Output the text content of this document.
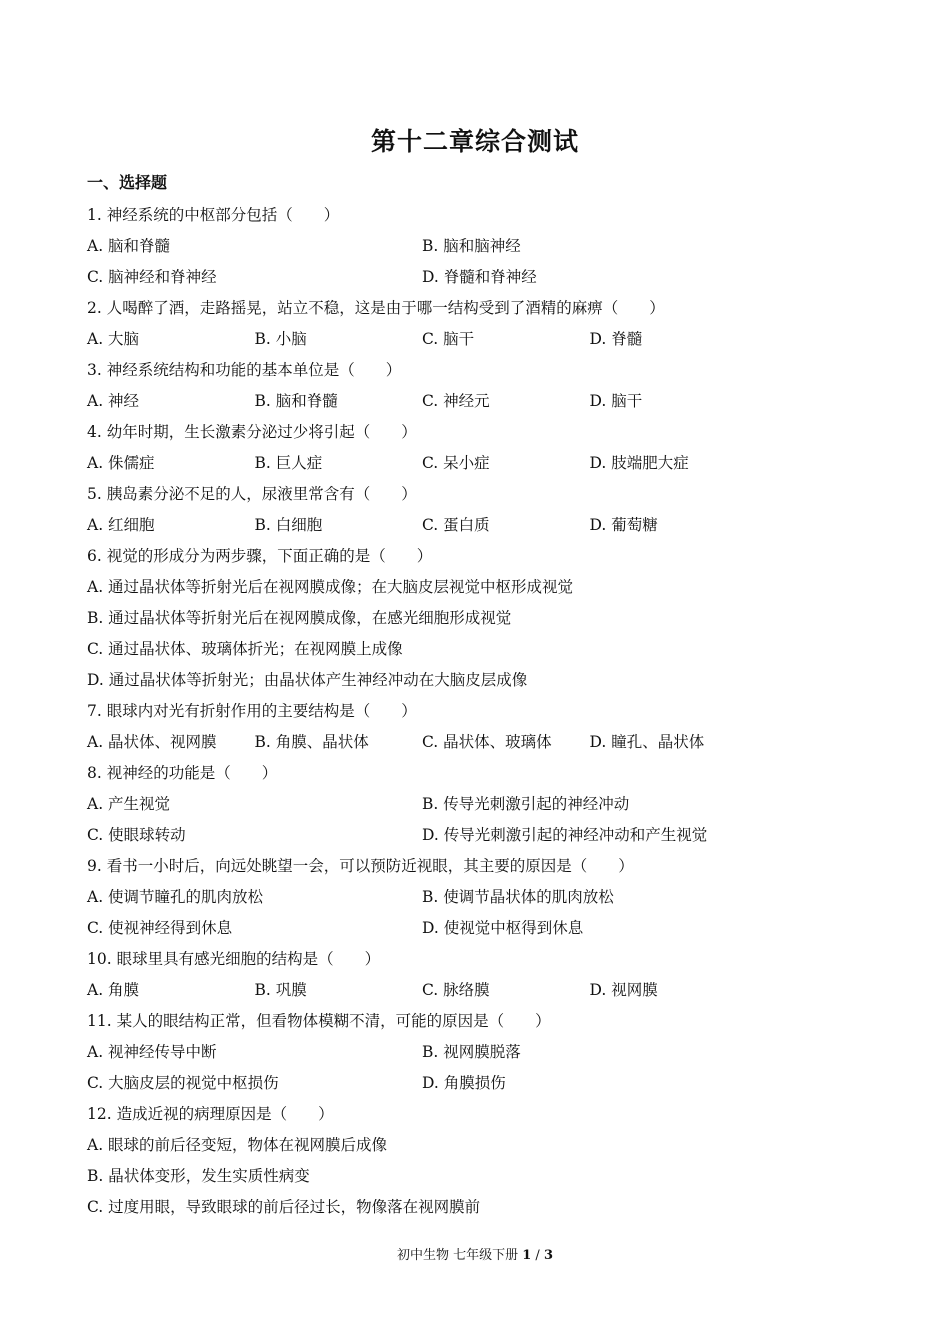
第十二章综合测试
一、选择题
1. 神经系统的中枢部分包括（　　）
A. 脑和脊髓	B. 脑和脑神经
C. 脑神经和脊神经	D. 脊髓和脊神经
2. 人喝醉了酒，走路摇晃，站立不稳，这是由于哪一结构受到了酒精的麻痹（　　）
A. 大脑	B. 小脑	C. 脑干	D. 脊髓
3. 神经系统结构和功能的基本单位是（　　）
A. 神经	B. 脑和脊髓	C. 神经元	D. 脑干
4. 幼年时期，生长激素分泌过少将引起（　　）
A. 侏儒症	B. 巨人症	C. 呆小症	D. 肢端肥大症
5. 胰岛素分泌不足的人，尿液里常含有（　　）
A. 红细胞	B. 白细胞	C. 蛋白质	D. 葡萄糖
6. 视觉的形成分为两步骤，下面正确的是（　　）
A. 通过晶状体等折射光后在视网膜成像；在大脑皮层视觉中枢形成视觉
B. 通过晶状体等折射光后在视网膜成像，在感光细胞形成视觉
C. 通过晶状体、玻璃体折光；在视网膜上成像
D. 通过晶状体等折射光；由晶状体产生神经冲动在大脑皮层成像
7. 眼球内对光有折射作用的主要结构是（　　）
A. 晶状体、视网膜	B. 角膜、晶状体	C. 晶状体、玻璃体	D. 瞳孔、晶状体
8. 视神经的功能是（　　）
A. 产生视觉	B. 传导光刺激引起的神经冲动
C. 使眼球转动	D. 传导光刺激引起的神经冲动和产生视觉
9. 看书一小时后，向远处眺望一会，可以预防近视眼，其主要的原因是（　　）
A. 使调节瞳孔的肌肉放松	B. 使调节晶状体的肌肉放松
C. 使视神经得到休息	D. 使视觉中枢得到休息
10. 眼球里具有感光细胞的结构是（　　）
A. 角膜	B. 巩膜	C. 脉络膜	D. 视网膜
11. 某人的眼结构正常，但看物体模糊不清，可能的原因是（　　）
A. 视神经传导中断	B. 视网膜脱落
C. 大脑皮层的视觉中枢损伤	D. 角膜损伤
12. 造成近视的病理原因是（　　）
A. 眼球的前后径变短，物体在视网膜后成像
B. 晶状体变形，发生实质性病变
C. 过度用眼，导致眼球的前后径过长，物像落在视网膜前
初中生物 七年级下册 1 / 3
